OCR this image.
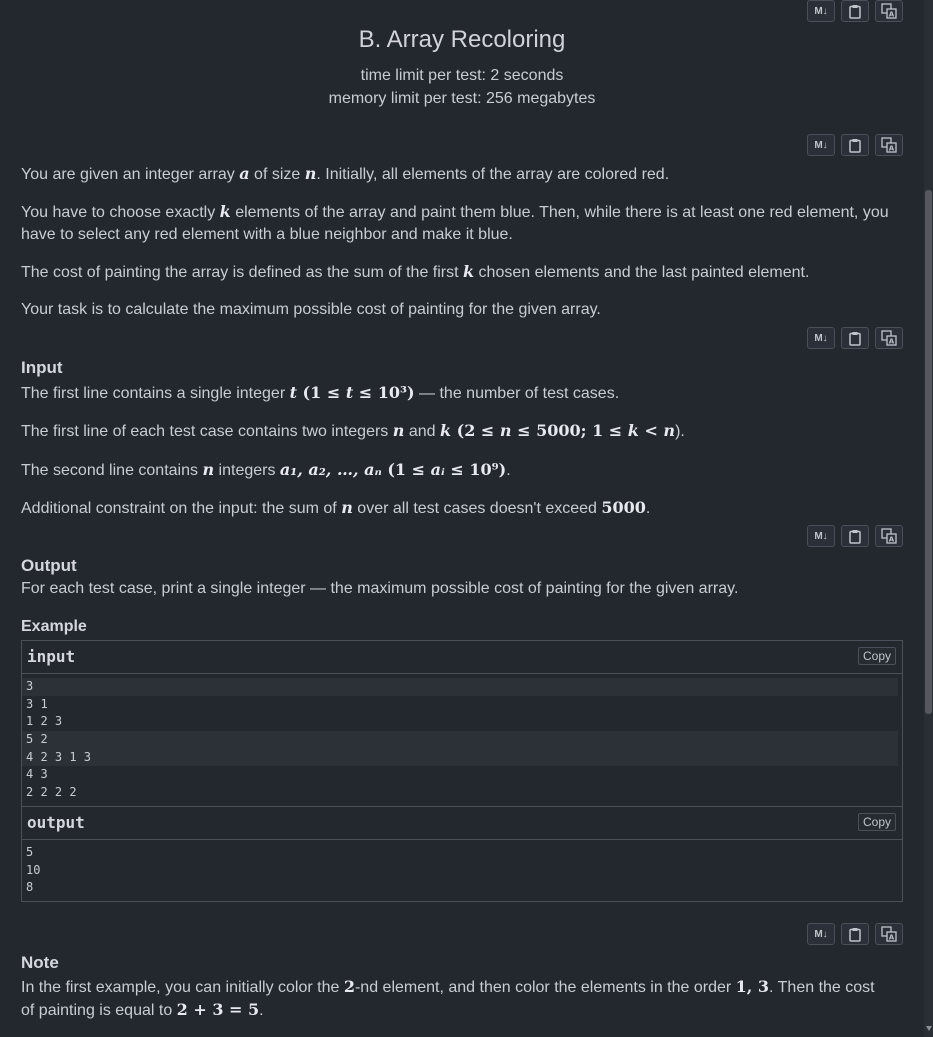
M↓	A
B. Array Recoloring
time limit per test: 2 seconds
memory limit per test: 256 megabytes
M↓	A
You are given an integer array a of size n. Initially, all elements of the array are colored red.
You have to choose exactly k elements of the array and paint them blue. Then, while there is at least one red element, you have to select any red element with a blue neighbor and make it blue.
The cost of painting the array is defined as the sum of the first k chosen elements and the last painted element.
Your task is to calculate the maximum possible cost of painting for the given array.
M↓	A
Input
The first line contains a single integer t (1 ≤ t ≤ 10³) — the number of test cases.
The first line of each test case contains two integers n and k (2 ≤ n ≤ 5000; 1 ≤ k < n).
The second line contains n integers a₁, a₂, …, aₙ (1 ≤ aᵢ ≤ 10⁹).
Additional constraint on the input: the sum of n over all test cases doesn't exceed 5000.
M↓	A
Output
For each test case, print a single integer — the maximum possible cost of painting for the given array.
Example
input	Copy
3
3 1
1 2 3
5 2
4 2 3 1 3
4 3
2 2 2 2
output	Copy
5
10
8
M↓	A
Note
In the first example, you can initially color the 2-nd element, and then color the elements in the order 1, 3. Then the cost of painting is equal to 2 + 3 = 5.
